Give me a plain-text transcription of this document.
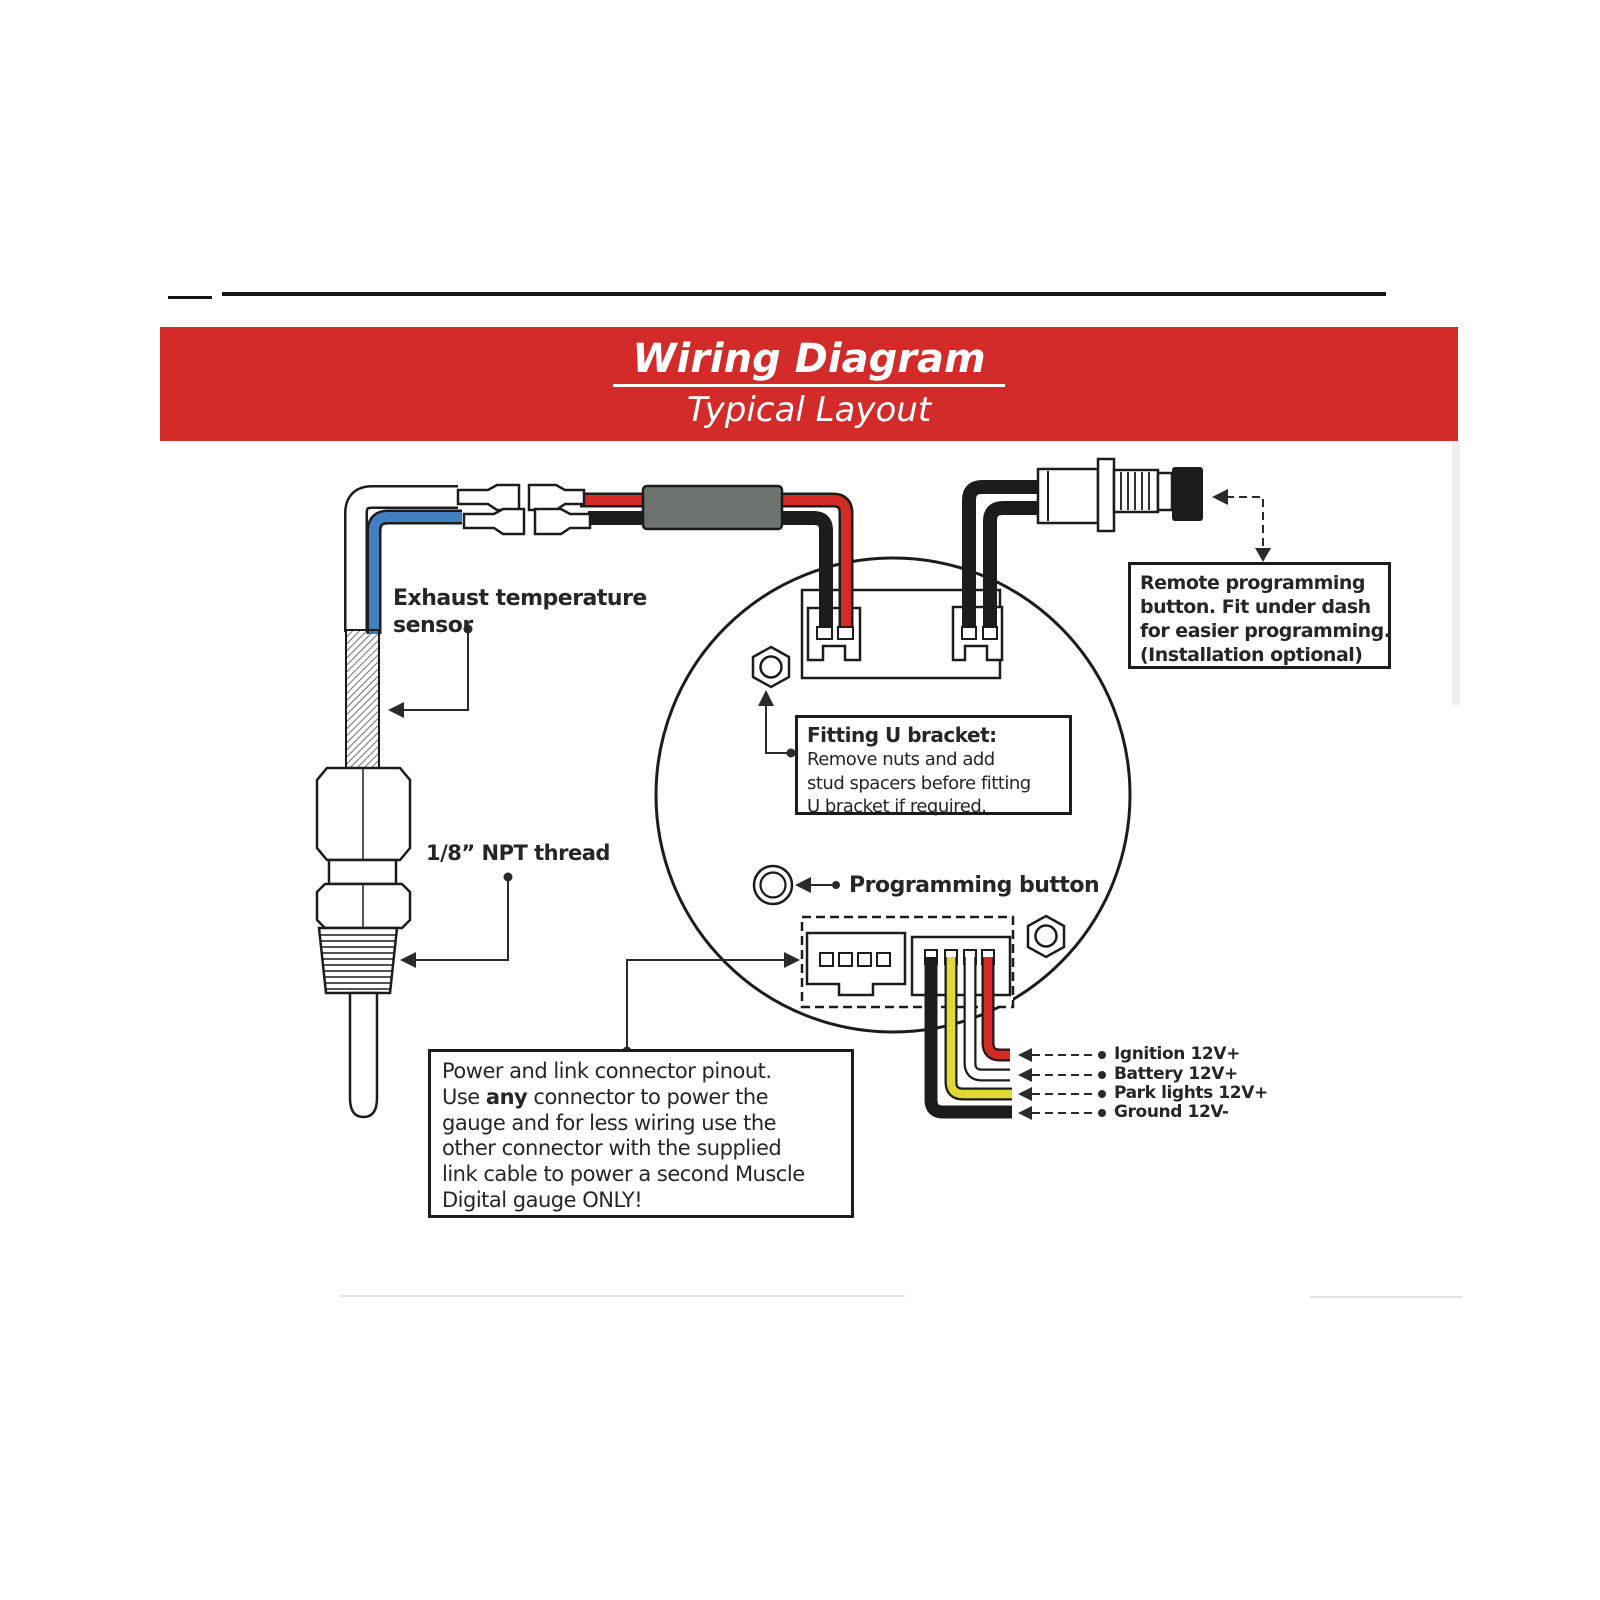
Wiring Diagram
Typical Layout
Exhaust temperature
sensor
1/8” NPT thread
Programming button
Ignition 12V+
Battery 12V+
Park lights 12V+
Ground 12V-
Fitting U bracket:
Remove nuts and add
stud spacers before fitting
U bracket if required.
Remote programming
button. Fit under dash
for easier programming.
(Installation optional)
Power and link connector pinout.
Use any connector to power the
gauge and for less wiring use the
other connector with the supplied
link cable to power a second Muscle
Digital gauge ONLY!
